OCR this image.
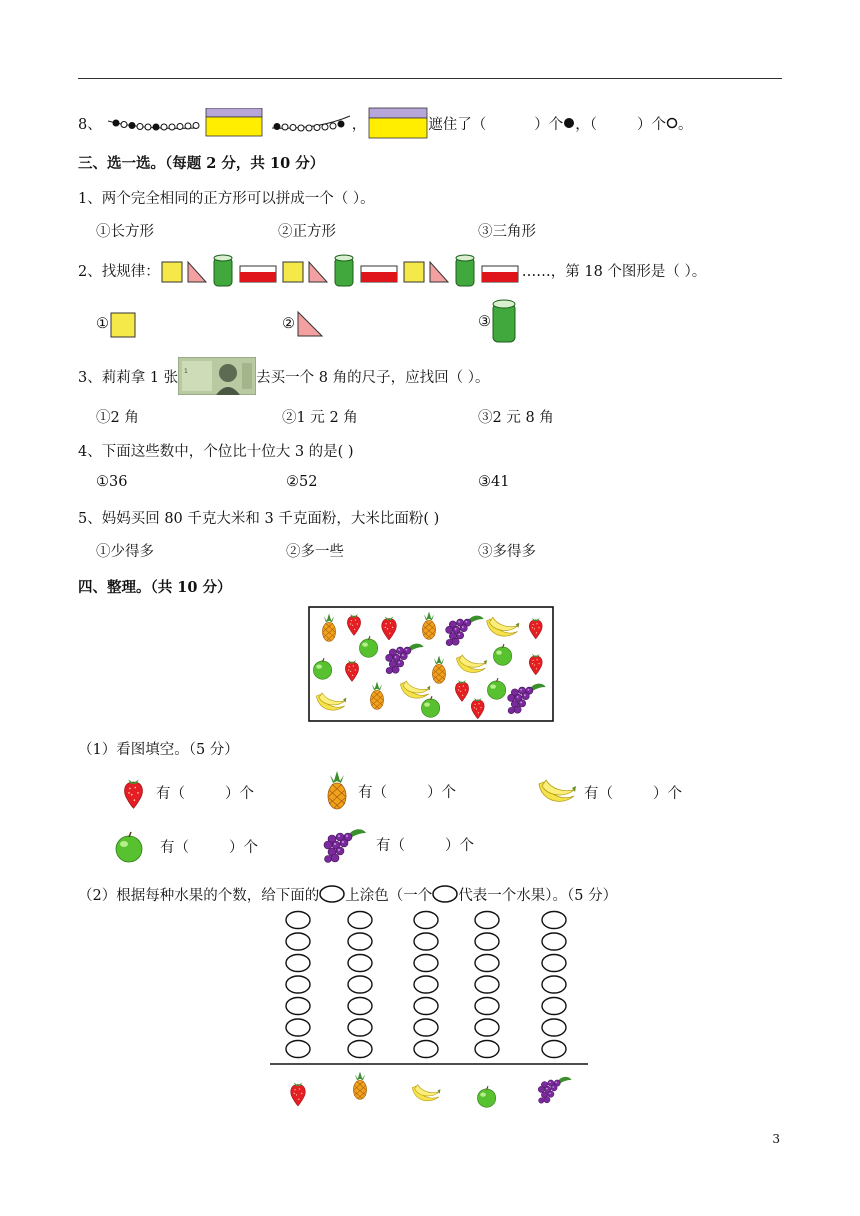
8、	，	遮住了（	）个 ，（	）个 。
三、选一选。（每题 2 分，共 10 分）
1、两个完全相同的正方形可以拼成一个（ ）。
①长方形	②正方形	③三角形
2、找规律：	……，第 18 个图形是（ ）。
①	②	③
3、莉莉拿 1 张 1	去买一个 8 角的尺子，应找回（ ）。
①2 角	②1 元 2 角	③2 元 8 角
4、下面这些数中，个位比十位大 3 的是( )
①36	②52	③41
5、妈妈买回 80 千克大米和 3 千克面粉，大米比面粉( )
①少得多	②多一些	③多得多
四、整理。（共 10 分）
（1）看图填空。（5 分）
有（	）个	有（	）个	有（	）个
有（	）个	有（	）个
（2）根据每种水果的个数，给下面的 上涂色（一个 代表一个水果）。（5 分）
3
